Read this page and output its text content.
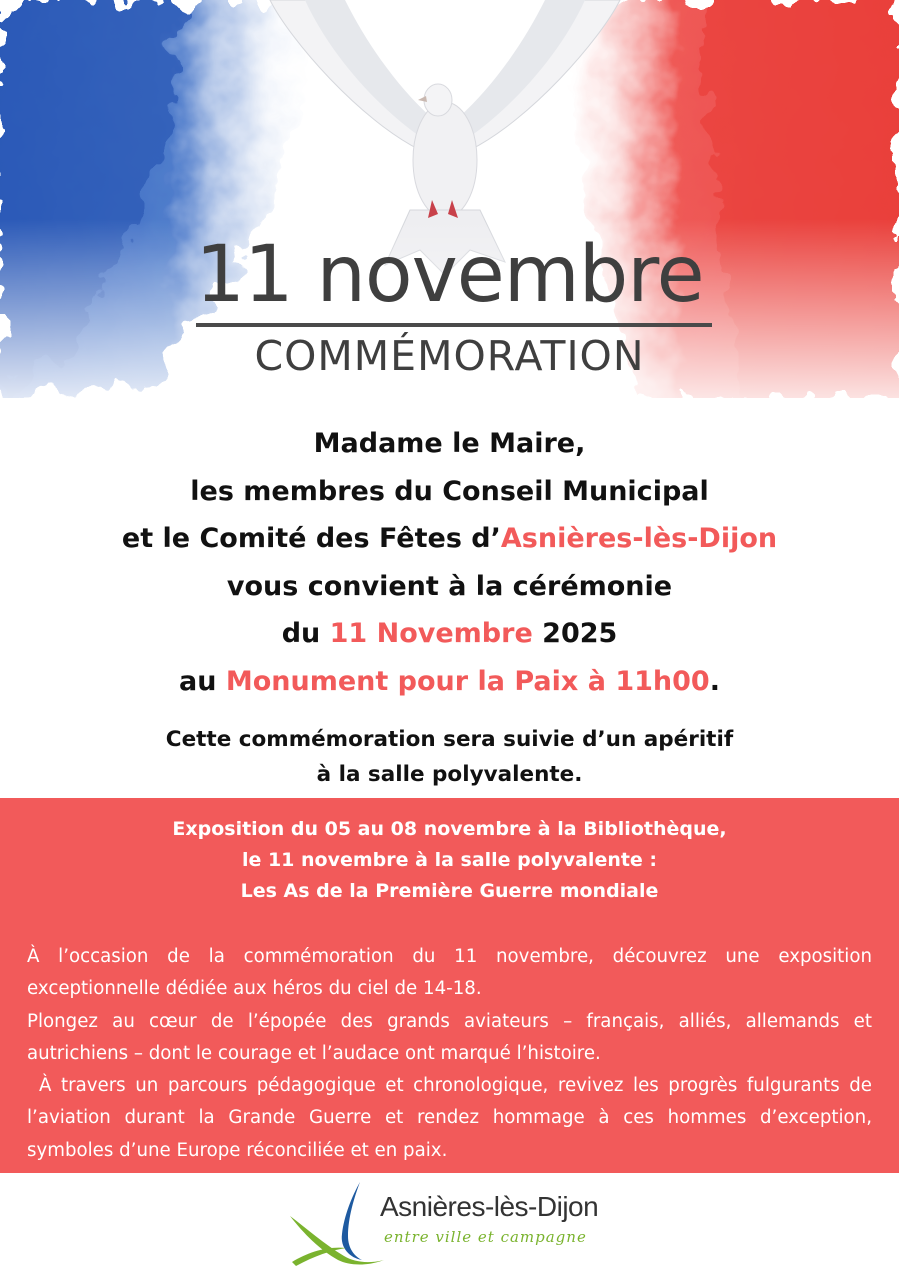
11 novembre
COMMÉMORATION
Madame le Maire,
les membres du Conseil Municipal
et le Comité des Fêtes d’Asnières-lès-Dijon
vous convient à la cérémonie
du 11 Novembre 2025
au Monument pour la Paix à 11h00.
Cette commémoration sera suivie d’un apéritif
à la salle polyvalente.
Exposition du 05 au 08 novembre à la Bibliothèque,
le 11 novembre à la salle polyvalente :
Les As de la Première Guerre mondiale

À l’occasion de la commémoration du 11 novembre, découvrez une exposition exceptionnelle dédiée aux héros du ciel de 14-18.

Plongez au cœur de l’épopée des grands aviateurs – français, alliés, allemands et autrichiens – dont le courage et l’audace ont marqué l’histoire.

À travers un parcours pédagogique et chronologique, revivez les progrès fulgurants de l’aviation durant la Grande Guerre et rendez hommage à ces hommes d’exception, symboles d’une Europe réconciliée et en paix.

Asnières-lès-Dijon
entre ville et campagne
